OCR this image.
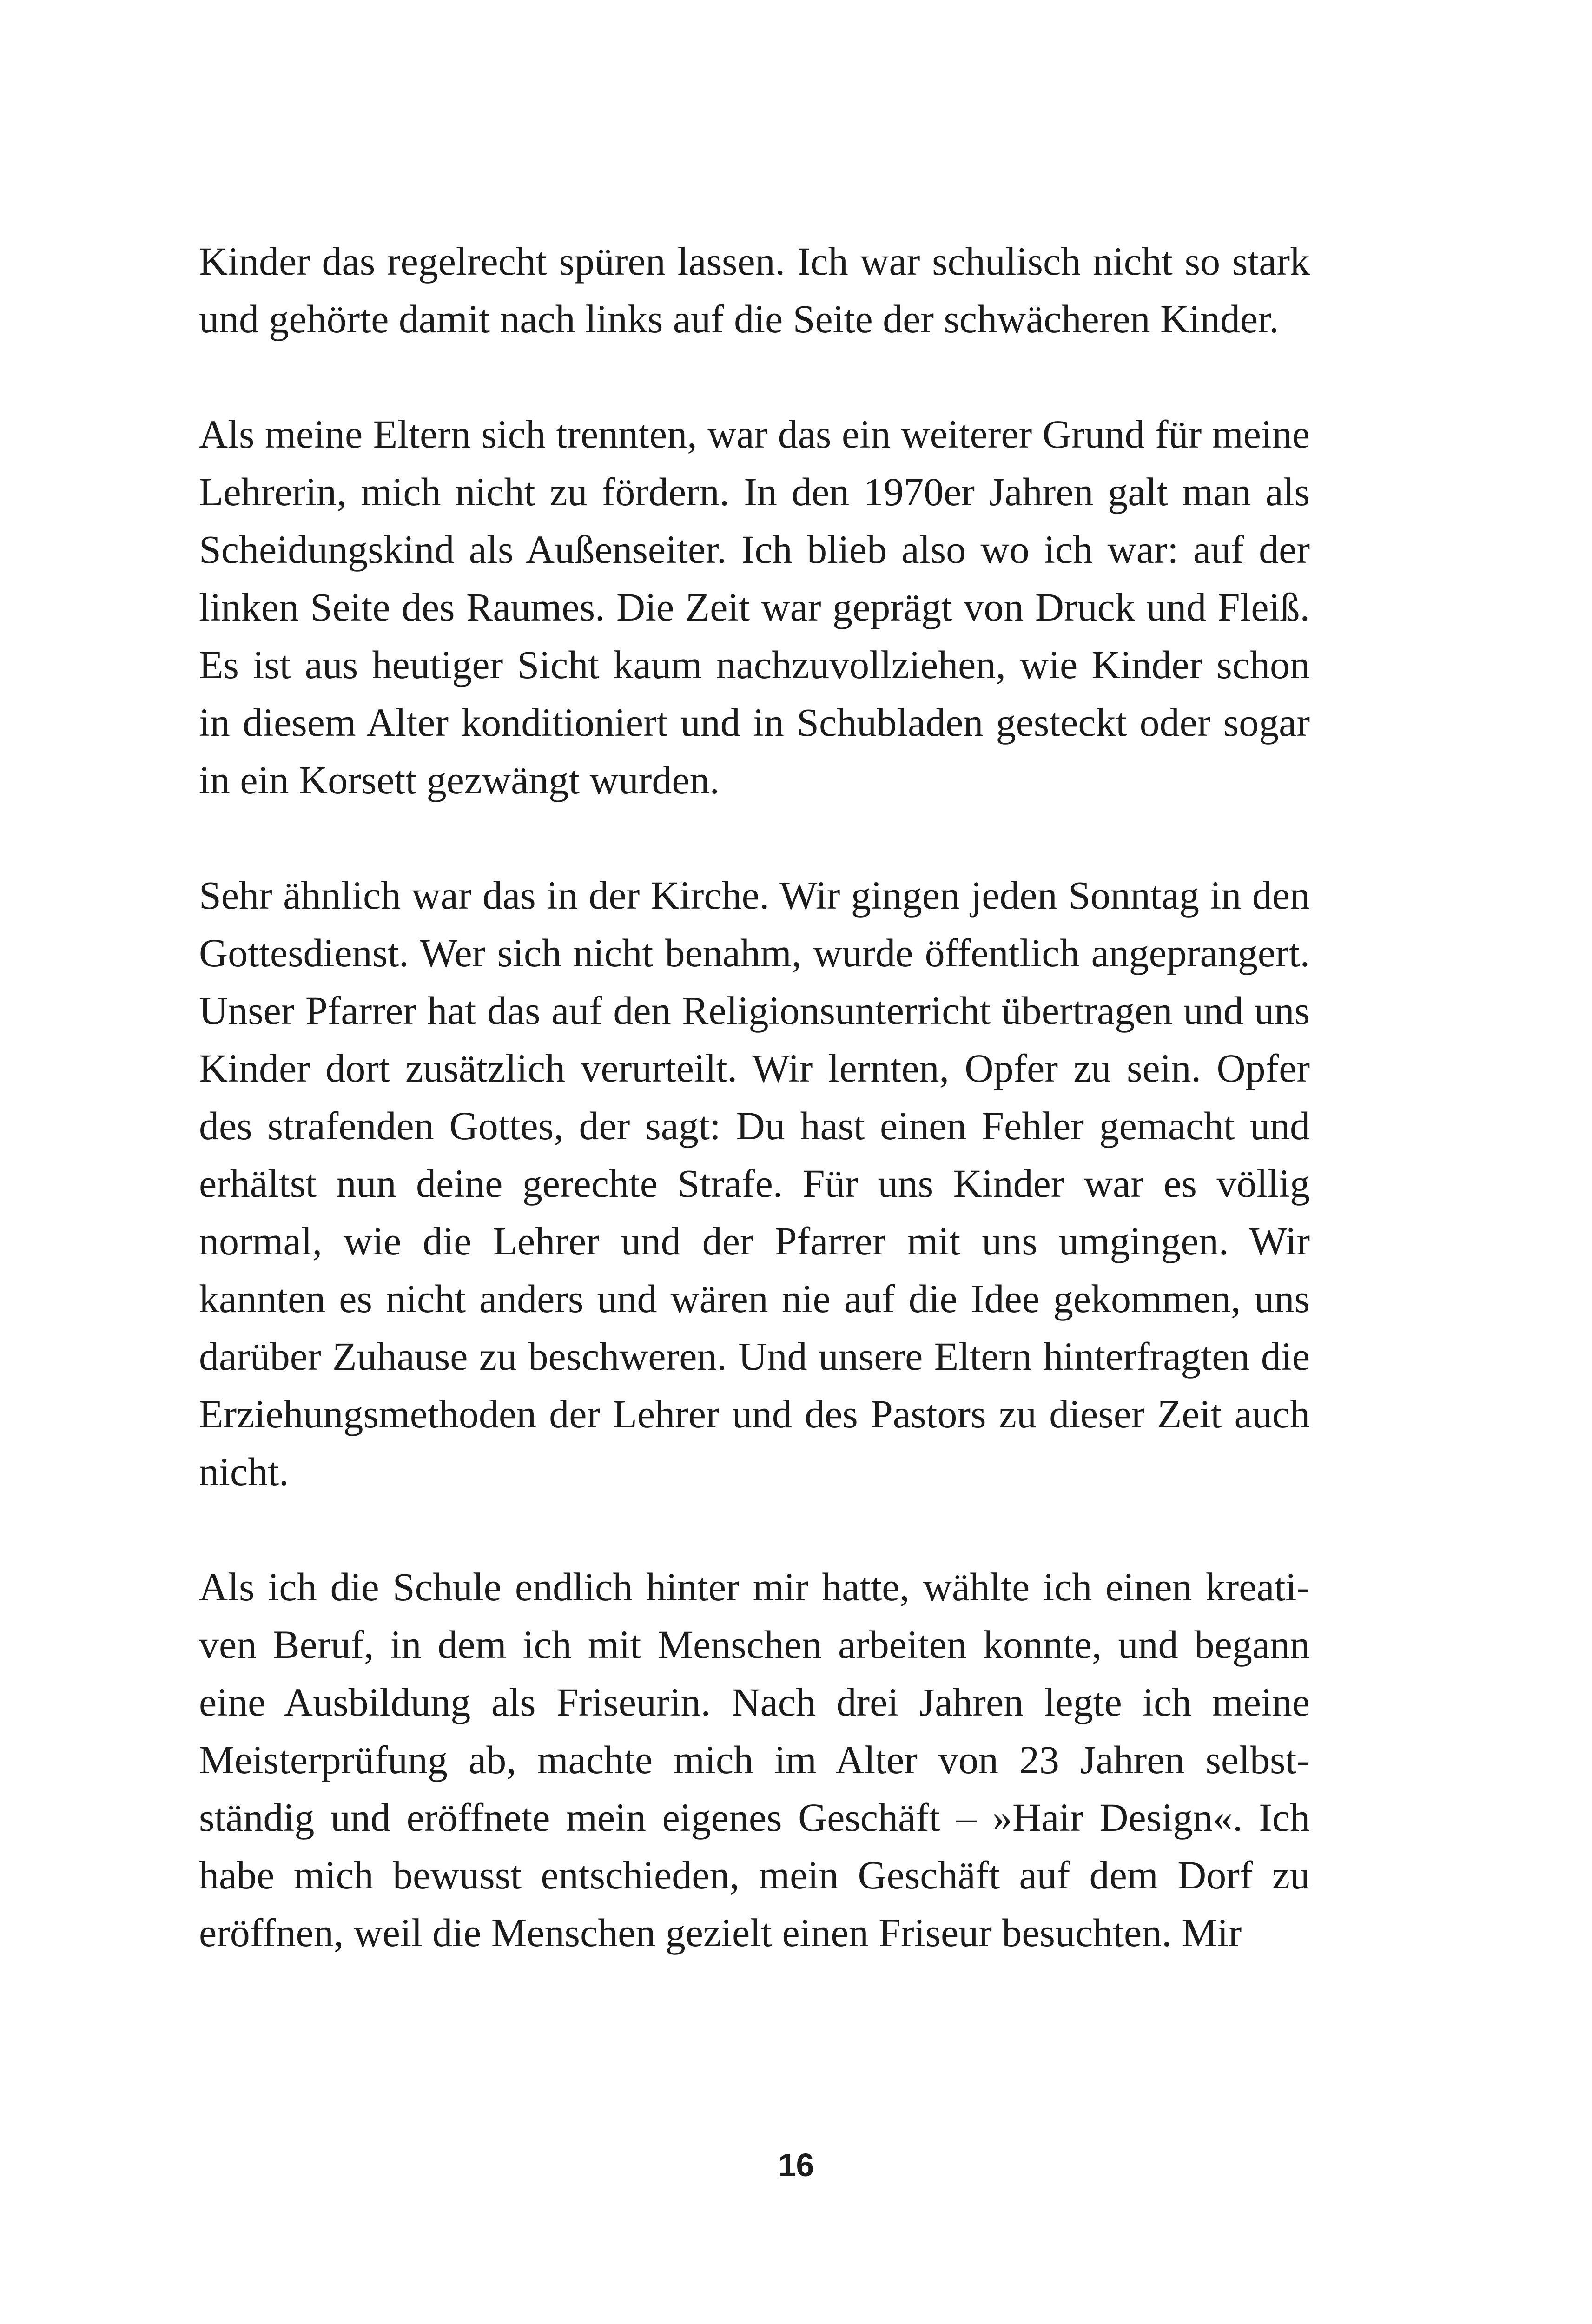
Kinder das regelrecht spüren lassen. Ich war schulisch nicht so stark und gehörte damit nach links auf die Seite der schwächeren Kinder.

Als meine Eltern sich trennten, war das ein weiterer Grund für meine Lehrerin, mich nicht zu fördern. In den 1970er Jahren galt man als Scheidungskind als Außenseiter. Ich blieb also wo ich war: auf der linken Seite des Raumes. Die Zeit war geprägt von Druck und Fleiß. Es ist aus heutiger Sicht kaum nachzuvollziehen, wie Kinder schon in diesem Alter konditioniert und in Schubladen gesteckt oder sogar in ein Korsett gezwängt wurden.

Sehr ähnlich war das in der Kirche. Wir gingen jeden Sonntag in den Gottesdienst. Wer sich nicht benahm, wurde öffentlich angeprangert. Unser Pfarrer hat das auf den Religionsunterricht übertragen und uns Kinder dort zusätzlich verurteilt. Wir lernten, Opfer zu sein. Opfer des strafenden Gottes, der sagt: Du hast einen Fehler gemacht und erhältst nun deine gerechte Strafe. Für uns Kinder war es völlig normal, wie die Lehrer und der Pfarrer mit uns umgingen. Wir kannten es nicht anders und wären nie auf die Idee gekommen, uns darüber Zuhause zu beschweren. Und unsere Eltern hinterfragten die Erziehungsmethoden der Lehrer und des Pastors zu dieser Zeit auch nicht.

Als ich die Schule endlich hinter mir hatte, wählte ich einen kreativen Beruf, in dem ich mit Menschen arbeiten konnte, und begann eine Ausbildung als Friseurin. Nach drei Jahren legte ich meine Meisterprüfung ab, machte mich im Alter von 23 Jahren selbstständig und eröffnete mein eigenes Geschäft – »Hair Design«. Ich habe mich bewusst entschieden, mein Geschäft auf dem Dorf zu eröffnen, weil die Menschen gezielt einen Friseur besuchten. Mir

16
